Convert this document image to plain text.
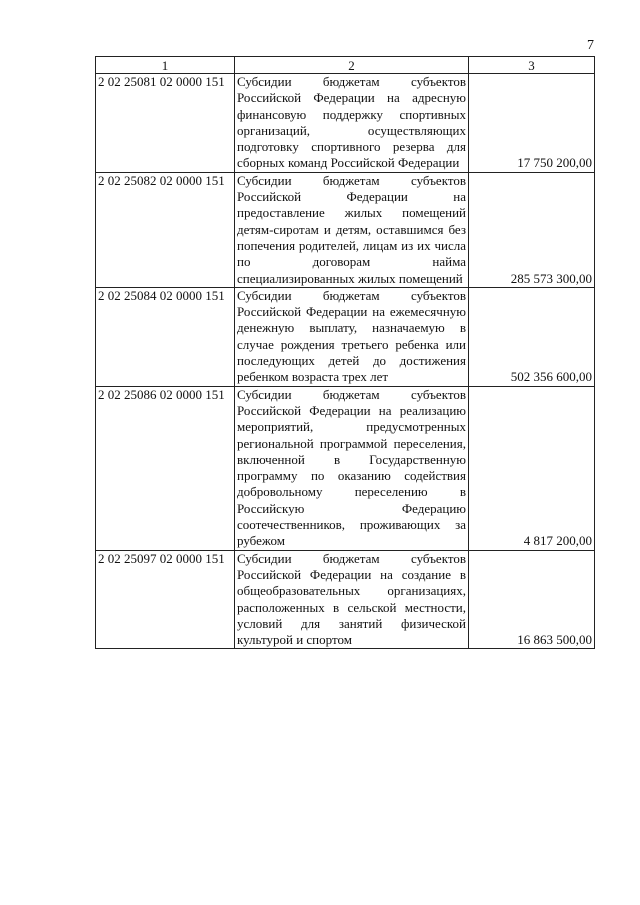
7
1	2	3
2 02 25081 02 0000 151	Субсидии бюджетам субъектов Российской Федерации на адресную финансовую поддержку спортивных организаций, осуществляющих подготовку спортивного резерва для сборных команд Российской Федерации	17 750 200,00
2 02 25082 02 0000 151	Субсидии бюджетам субъектов Российской Федерации на предоставление жилых помещений детям-сиротам и детям, оставшимся без попечения родителей, лицам из их числа по договорам найма специализированных жилых помещений	285 573 300,00
2 02 25084 02 0000 151	Субсидии бюджетам субъектов Российской Федерации на ежемесячную денежную выплату, назначаемую в случае рождения третьего ребенка или последующих детей до достижения ребенком возраста трех лет	502 356 600,00
2 02 25086 02 0000 151	Субсидии бюджетам субъектов Российской Федерации на реализацию мероприятий, предусмотренных региональной программой переселения, включенной в Государственную программу по оказанию содействия добровольному переселению в Российскую Федерацию соотечественников, проживающих за рубежом	4 817 200,00
2 02 25097 02 0000 151	Субсидии бюджетам субъектов Российской Федерации на создание в общеобразовательных организациях, расположенных в сельской местности, условий для занятий физической культурой и спортом	16 863 500,00
